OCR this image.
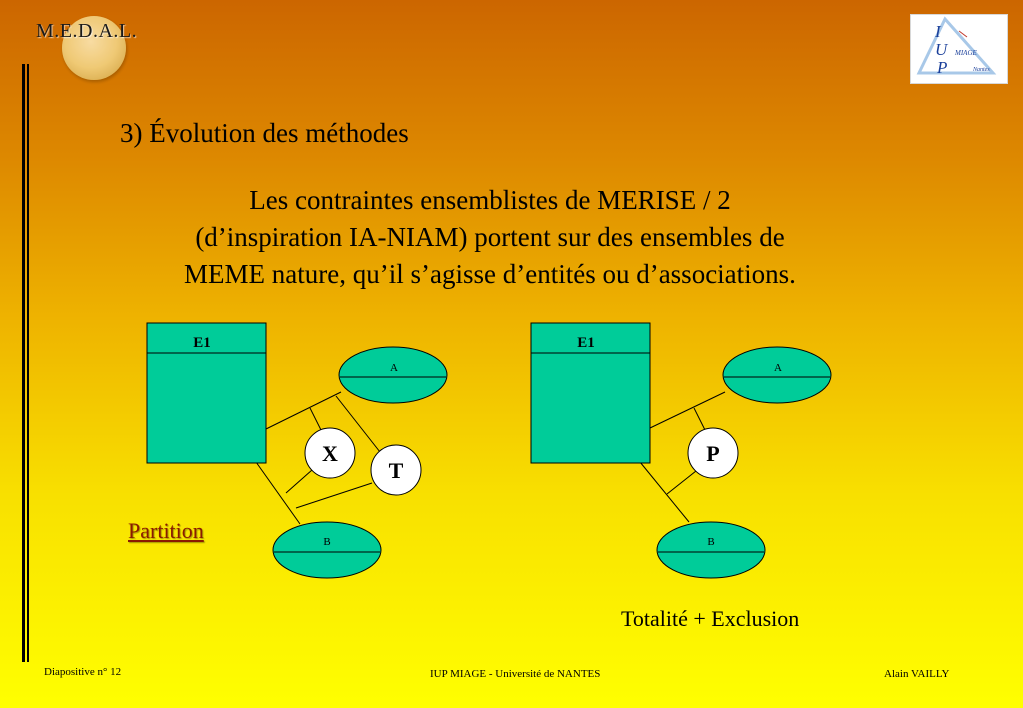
M.E.D.A.L.	I
U
P
MIAGE
Nantes
3) Évolution des méthodes
Les contraintes ensemblistes de MERISE / 2
(d’inspiration IA-NIAM) portent sur des ensembles de
MEME nature, qu’il s’agisse d’entités ou d’associations.
E1
A
B
X
T
E1
A
B
P
Partition
Totalité + Exclusion
Diapositive n° 12	IUP MIAGE - Université de NANTES	Alain VAILLY
